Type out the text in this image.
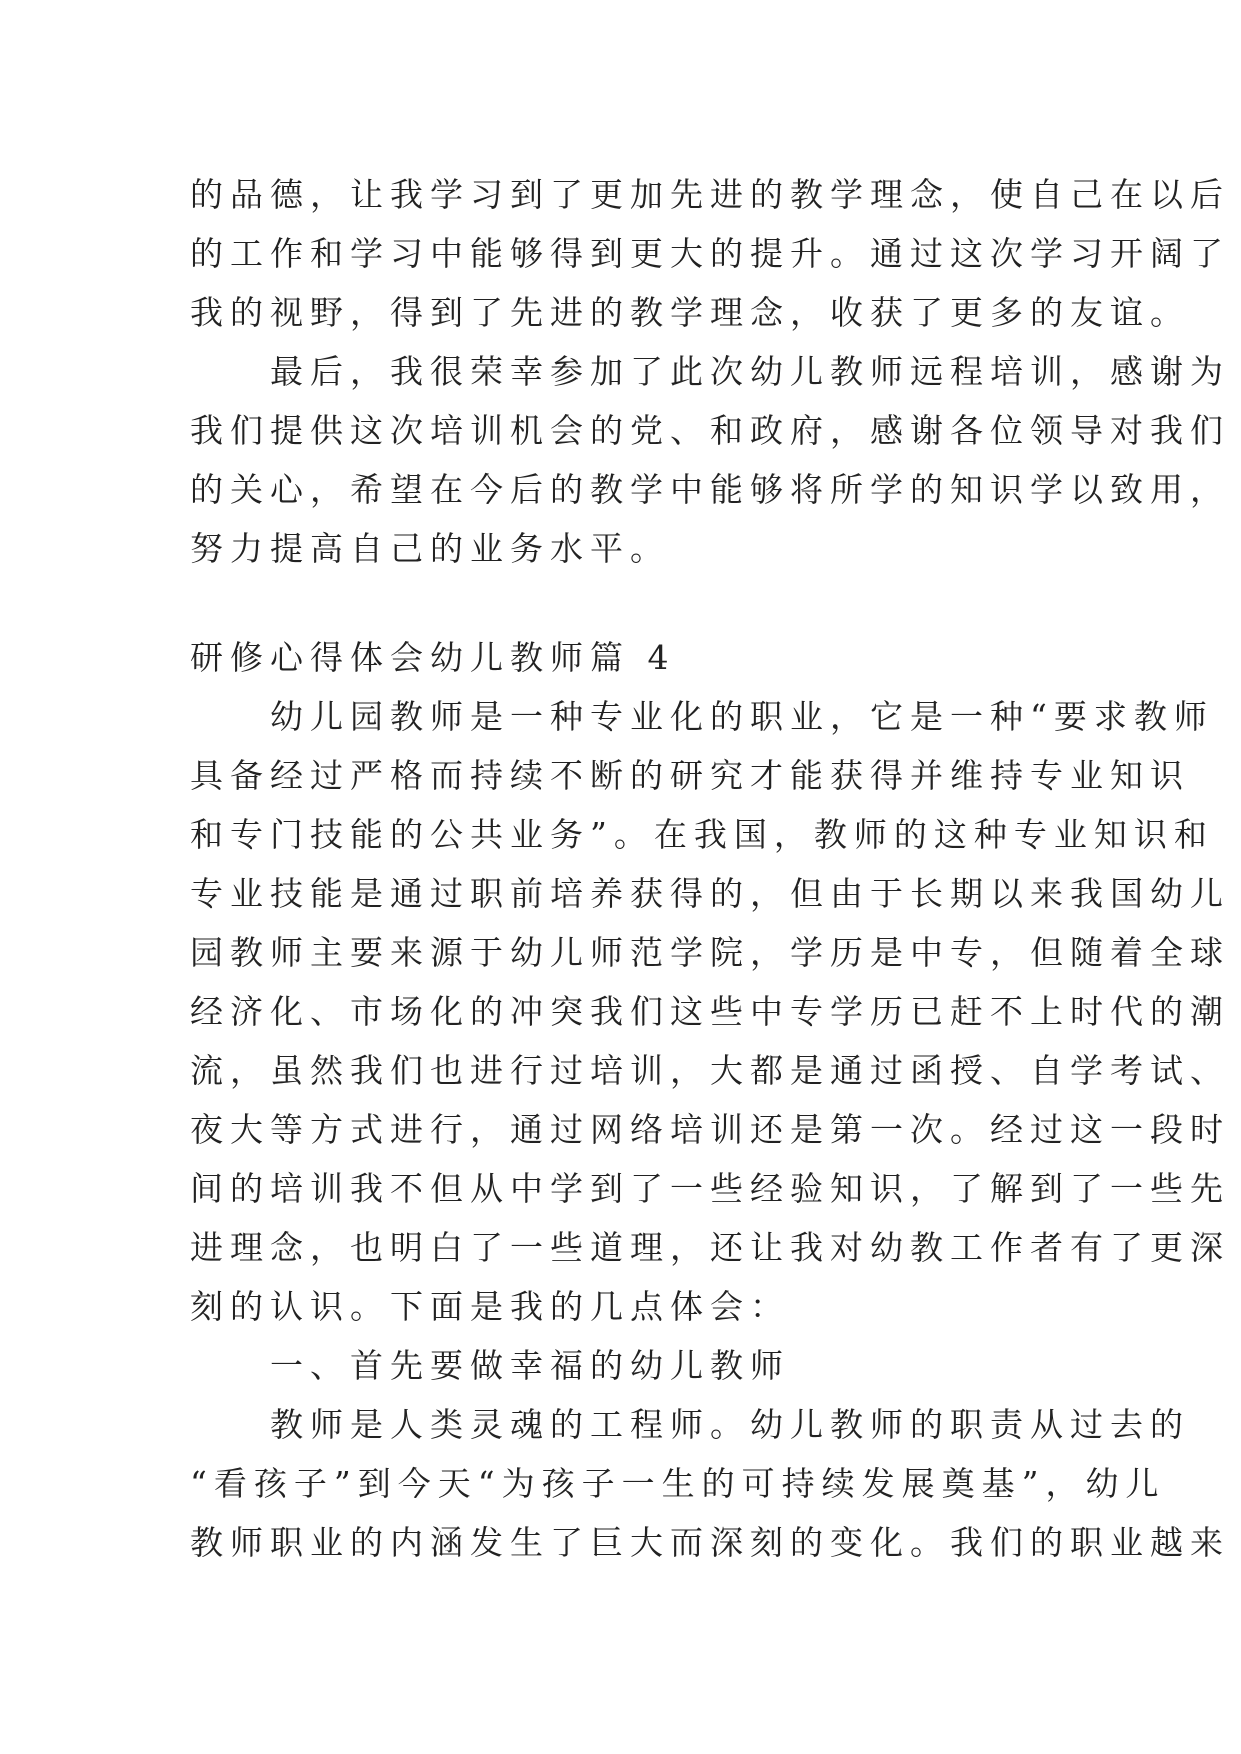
的品德，让我学习到了更加先进的教学理念，使自己在以后
的工作和学习中能够得到更大的提升。通过这次学习开阔了
我的视野，得到了先进的教学理念，收获了更多的友谊。
最后，我很荣幸参加了此次幼儿教师远程培训，感谢为
我们提供这次培训机会的党、和政府，感谢各位领导对我们
的关心，希望在今后的教学中能够将所学的知识学以致用，
努力提高自己的业务水平。
研修心得体会幼儿教师篇 4
幼儿园教师是一种专业化的职业，它是一种“要求教师
具备经过严格而持续不断的研究才能获得并维持专业知识
和专门技能的公共业务”。在我国，教师的这种专业知识和
专业技能是通过职前培养获得的，但由于长期以来我国幼儿
园教师主要来源于幼儿师范学院，学历是中专，但随着全球
经济化、市场化的冲突我们这些中专学历已赶不上时代的潮
流，虽然我们也进行过培训，大都是通过函授、自学考试、
夜大等方式进行，通过网络培训还是第一次。经过这一段时
间的培训我不但从中学到了一些经验知识，了解到了一些先
进理念，也明白了一些道理，还让我对幼教工作者有了更深
刻的认识。下面是我的几点体会：
一、首先要做幸福的幼儿教师
教师是人类灵魂的工程师。幼儿教师的职责从过去的
“看孩子”到今天“为孩子一生的可持续发展奠基”，幼儿
教师职业的内涵发生了巨大而深刻的变化。我们的职业越来
